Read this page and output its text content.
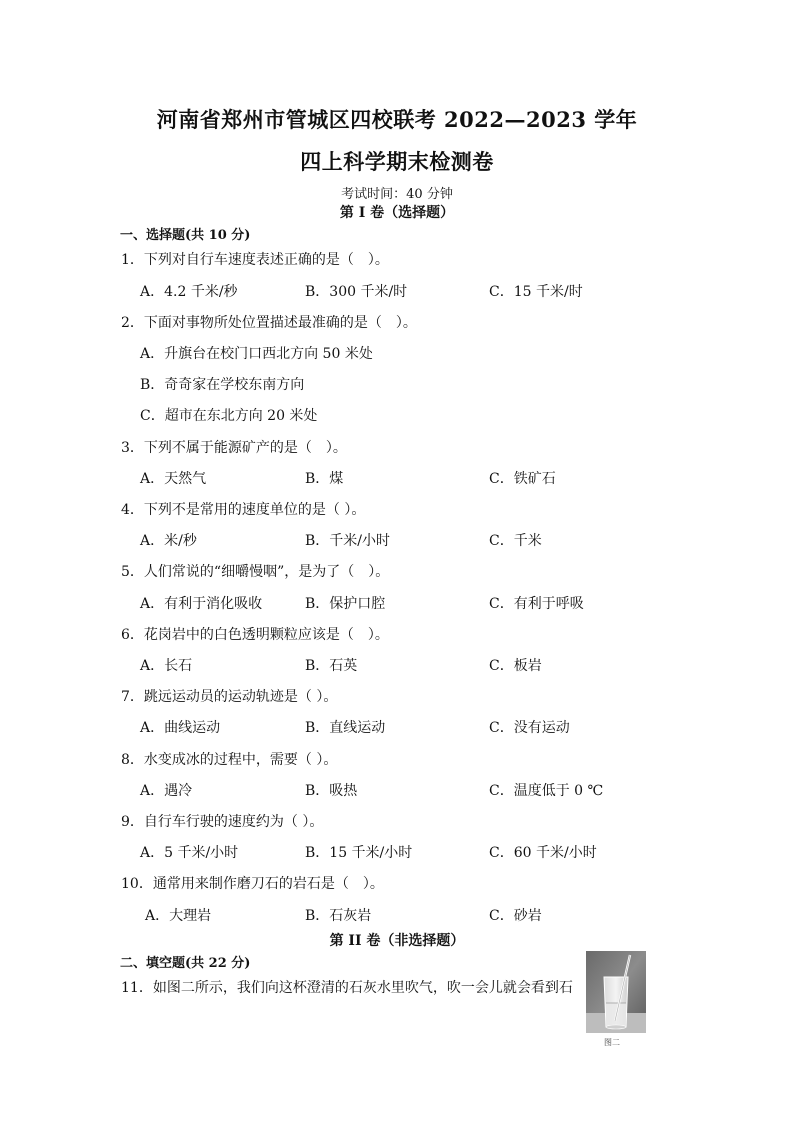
河南省郑州市管城区四校联考 2022—2023 学年
四上科学期末检测卷
考试时间：40 分钟
第 I 卷（选择题）
一、选择题(共 10 分)
1．下列对自行车速度表述正确的是（　）。
A．4.2 千米/秒	B．300 千米/时	C．15 千米/时
2．下面对事物所处位置描述最准确的是（　）。
A．升旗台在校门口西北方向 50 米处
B．奇奇家在学校东南方向
C．超市在东北方向 20 米处
3．下列不属于能源矿产的是（　）。
A．天然气	B．煤	C．铁矿石
4．下列不是常用的速度单位的是（ ）。
A．米/秒	B．千米/小时	C．千米
5．人们常说的“细嚼慢咽”，是为了（　）。
A．有利于消化吸收	B．保护口腔	C．有利于呼吸
6．花岗岩中的白色透明颗粒应该是（　）。
A．长石	B．石英	C．板岩
7．跳远运动员的运动轨迹是（ ）。
A．曲线运动	B．直线运动	C．没有运动
8．水变成冰的过程中，需要（ ）。
A．遇冷	B．吸热	C．温度低于 0 ℃
9．自行车行驶的速度约为（ ）。
A．5 千米/小时	B．15 千米/小时	C．60 千米/小时
10．通常用来制作磨刀石的岩石是（　）。
A．大理岩	B．石灰岩	C．砂岩
第 II 卷（非选择题）
二、填空题(共 22 分)
11．如图二所示，我们向这杯澄清的石灰水里吹气，吹一会儿就会看到石
图二
